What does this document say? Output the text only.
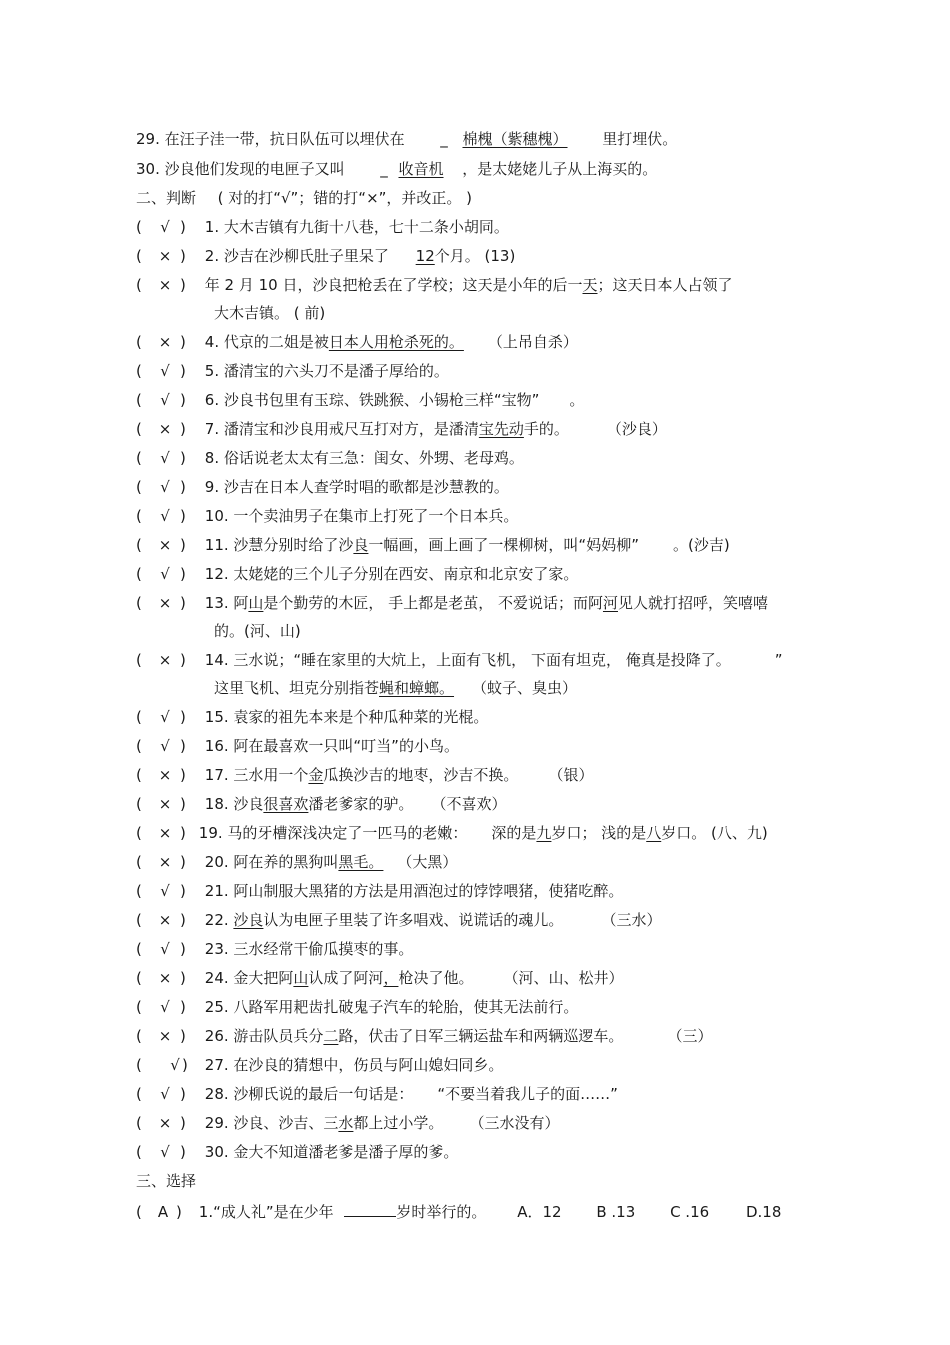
29. 在汪子洼一带，抗日队伍可以埋伏在 _ 棉槐（紫穗槐） 里打埋伏。
30. 沙良他们发现的电匣子又叫 _ 收音机 ，是太姥姥儿子从上海买的。
二、判断 ( 对的打“√”；错的打“×”，并改正。 )
( √ ) 1. 大木吉镇有九街十八巷，七十二条小胡同。
( × ) 2. 沙吉在沙柳氏肚子里呆了 12个月。 (13)
( × ) 年 2 月 10 日，沙良把枪丢在了学校；这天是小年的后一天；这天日本人占领了
大木吉镇。 ( 前)
( × ) 4. 代京的二姐是被日本人用枪杀死的。 （上吊自杀）
( √ ) 5. 潘清宝的六头刀不是潘子厚给的。
( √ ) 6. 沙良书包里有玉琮、铁跳猴、小锡枪三样“宝物” 。
( × ) 7. 潘清宝和沙良用戒尺互打对方，是潘清宝先动手的。	（沙良）
( √ ) 8. 俗话说老太太有三急：闺女、外甥、老母鸡。
( √ ) 9. 沙吉在日本人查学时唱的歌都是沙慧教的。
( √ ) 10. 一个卖油男子在集市上打死了一个日本兵。
( × ) 11. 沙慧分别时给了沙良一幅画，画上画了一棵柳树，叫“妈妈柳” 。(沙吉)
( √ ) 12. 太姥姥的三个儿子分别在西安、南京和北京安了家。
( × ) 13. 阿山是个勤劳的木匠， 手上都是老茧， 不爱说话；而阿河见人就打招呼，笑嘻嘻
的。(河、山)
( × ) 14. 三水说；“睡在家里的大炕上，上面有飞机， 下面有坦克， 俺真是投降了。	”
这里飞机、坦克分别指苍蝇和蟑螂。 （蚊子、臭虫）
( √ ) 15. 袁家的祖先本来是个种瓜种菜的光棍。
( √ ) 16. 阿在最喜欢一只叫“叮当”的小鸟。
( × ) 17. 三水用一个金瓜换沙吉的地枣，沙吉不换。 （银）
( × ) 18. 沙良很喜欢潘老爹家的驴。 （不喜欢）
( × ) 19. 马的牙槽深浅决定了一匹马的老嫩： 深的是九岁口； 浅的是八岁口。 (八、九)
( × ) 20. 阿在养的黑狗叫黑毛。 （大黑）
( √ ) 21. 阿山制服大黑猪的方法是用酒泡过的饽饽喂猪，使猪吃醉。
( × ) 22. 沙良认为电匣子里装了许多唱戏、说谎话的魂儿。	（三水）
( √ ) 23. 三水经常干偷瓜摸枣的事。
( × ) 24. 金大把阿山认成了阿河，枪决了他。 （河、山、松井）
( √ ) 25. 八路军用耙齿扎破鬼子汽车的轮胎，使其无法前行。
( × ) 26. 游击队员兵分二路，伏击了日军三辆运盐车和两辆巡逻车。	（三）
( √ ) 27. 在沙良的猜想中，伤员与阿山媳妇同乡。
( √ ) 28. 沙柳氏说的最后一句话是： “不要当着我儿子的面……”
( × ) 29. 沙良、沙吉、三水都上过小学。 （三水没有）
( √ ) 30. 金大不知道潘老爹是潘子厚的爹。
三、选择
( A ) 1.“成人礼”是在少年	岁时举行的。 A．12 B .13 C .16 D.18
